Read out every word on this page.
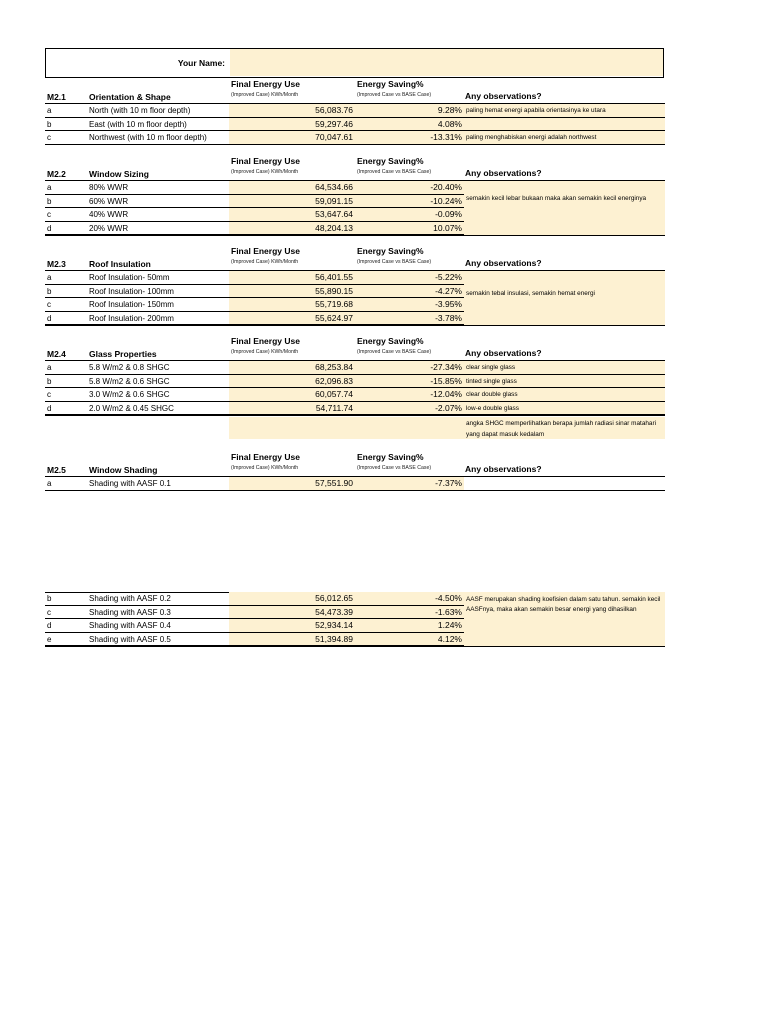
Your Name:
M2.1	Orientation & Shape
Final Energy Use
(Improved Case) KWh/Month
Energy Saving%
(Improved Case vs BASE Case)	Any observations?
a	North (with 10 m floor depth)	56,083.76	9.28% paling hemat energi apabila orientasinya ke utara
b	East (with 10 m floor depth)	59,297.46	4.08%
c	Northwest (with 10 m floor depth)	70,047.61	-13.31% paling menghabiskan energi adalah northwest
M2.2	Window Sizing
Final Energy Use
(Improved Case) KWh/Month
Energy Saving%
(Improved Case vs BASE Case)	Any observations?
a	80% WWR	64,534.66	-20.40%
b	60% WWR	59,091.15	-10.24%
c	40% WWR	53,647.64	-0.09%
d	20% WWR	48,204.13	10.07%
semakin kecil lebar bukaan maka akan semakin kecil energinya
M2.3	Roof Insulation
Final Energy Use
(Improved Case) KWh/Month
Energy Saving%
(Improved Case vs BASE Case)	Any observations?
a	Roof Insulation- 50mm	56,401.55	-5.22%
b	Roof Insulation- 100mm	55,890.15	-4.27%
c	Roof Insulation- 150mm	55,719.68	-3.95%
d	Roof Insulation- 200mm	55,624.97	-3.78%
semakin tebal insulasi, semakin hemat energi
M2.4	Glass Properties
Final Energy Use
(Improved Case) KWh/Month
Energy Saving%
(Improved Case vs BASE Case)	Any observations?
a	5.8 W/m2 & 0.8 SHGC	68,253.84	-27.34% clear single glass
b	5.8 W/m2 & 0.6 SHGC	62,096.83	-15.85% tinted single glass
c	3.0 W/m2 & 0.6 SHGC	60,057.74	-12.04% clear double glass
d	2.0 W/m2 & 0.45 SHGC	54,711.74	-2.07% low-e double glass
angka SHGC memperlihatkan berapa jumlah radiasi sinar matahari yang dapat masuk kedalam
M2.5	Window Shading
Final Energy Use
(Improved Case) KWh/Month
Energy Saving%
(Improved Case vs BASE Case)	Any observations?
a	Shading with AASF 0.1	57,551.90	-7.37%
b	Shading with AASF 0.2	56,012.65	-4.50%
c	Shading with AASF 0.3	54,473.39	-1.63%
d	Shading with AASF 0.4	52,934.14	1.24%
e	Shading with AASF 0.5	51,394.89	4.12%
AASF merupakan shading koefisien dalam satu tahun. semakin kecil AASFnya, maka akan semakin besar energi yang dihasilkan
